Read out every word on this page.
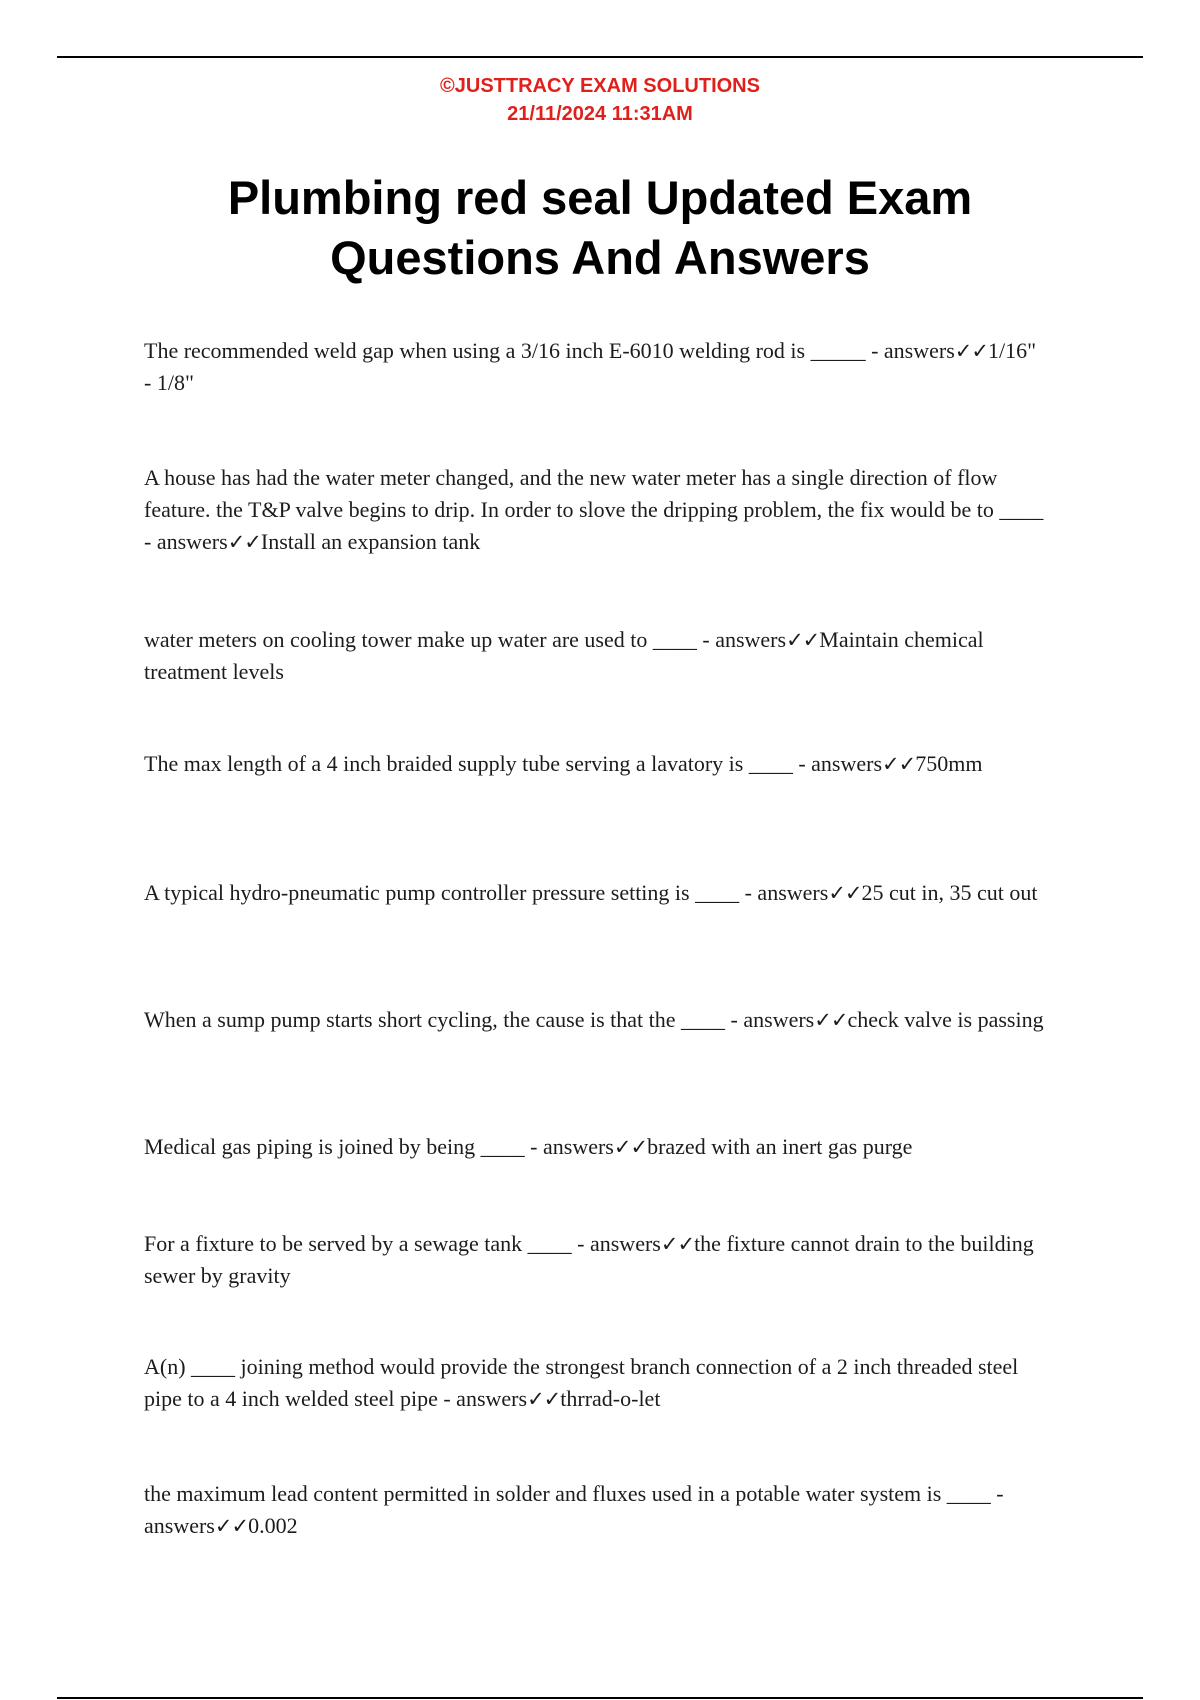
©JUSTTRACY EXAM SOLUTIONS
21/11/2024 11:31AM
Plumbing red seal Updated Exam
Questions And Answers

The recommended weld gap when using a 3/16 inch E-6010 welding rod is _____ - answers✓✓1/16" - 1/8"

A house has had the water meter changed, and the new water meter has a single direction of flow feature. the T&P valve begins to drip. In order to slove the dripping problem, the fix would be to ____ - answers✓✓Install an expansion tank

water meters on cooling tower make up water are used to ____ - answers✓✓Maintain chemical treatment levels

The max length of a 4 inch braided supply tube serving a lavatory is ____ - answers✓✓750mm

A typical hydro-pneumatic pump controller pressure setting is ____ - answers✓✓25 cut in, 35 cut out

When a sump pump starts short cycling, the cause is that the ____ - answers✓✓check valve is passing

Medical gas piping is joined by being ____ - answers✓✓brazed with an inert gas purge

For a fixture to be served by a sewage tank ____ - answers✓✓the fixture cannot drain to the building sewer by gravity

A(n) ____ joining method would provide the strongest branch connection of a 2 inch threaded steel pipe to a 4 inch welded steel pipe - answers✓✓thrrad-o-let

the maximum lead content permitted in solder and fluxes used in a potable water system is ____ - answers✓✓0.002
